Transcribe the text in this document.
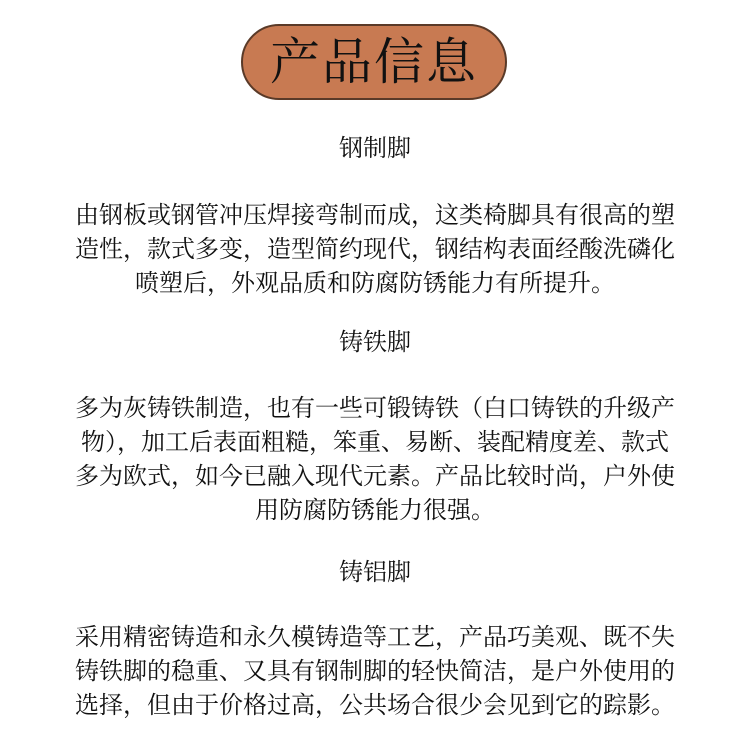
产品信息
钢制脚
由钢板或钢管冲压焊接弯制而成，这类椅脚具有很高的塑
造性，款式多变，造型简约现代，钢结构表面经酸洗磷化
喷塑后，外观品质和防腐防锈能力有所提升。
铸铁脚
多为灰铸铁制造，也有一些可锻铸铁（白口铸铁的升级产
物），加工后表面粗糙，笨重、易断、装配精度差、款式
多为欧式，如今已融入现代元素。产品比较时尚，户外使
用防腐防锈能力很强。
铸铝脚
采用精密铸造和永久模铸造等工艺，产品巧美观、既不失
铸铁脚的稳重、又具有钢制脚的轻快简洁，是户外使用的
选择，但由于价格过高，公共场合很少会见到它的踪影。
